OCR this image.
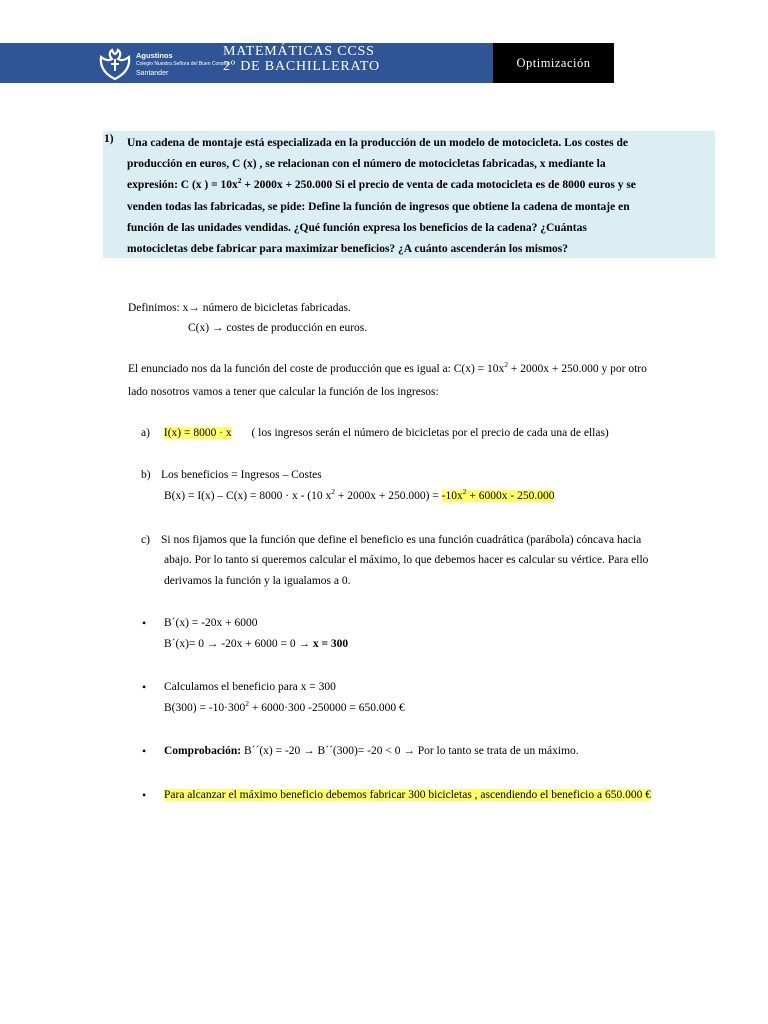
Optimización
Agustinos
Colegio Nuestra Señora del Buen Consejo
Santander
MATEMÁTICAS CCSS
2º DE BACHILLERATO
1) Una cadena de montaje está especializada en la producción de un modelo de motocicleta. Los costes de
producción en euros, C (x) , se relacionan con el número de motocicletas fabricadas, x mediante la
expresión: C (x ) = $10x^2 + 2000x + 250.000$ Si el precio de venta de cada motocicleta es de 8000 euros y se
venden todas las fabricadas, se pide: Define la función de ingresos que obtiene la cadena de montaje en
función de las unidades vendidas. ¿Qué función expresa los beneficios de la cadena? ¿Cuántas
motocicletas debe fabricar para maximizar beneficios? ¿A cuánto ascenderán los mismos?
Definimos: x→ número de bicicletas fabricadas.
C(x) → costes de producción en euros.
El enunciado nos da la función del coste de producción que es igual a: $C(x) = 10x^2 + 2000x + 250.000$ y por otro
lado nosotros vamos a tener que calcular la función de los ingresos:
a) I(x) = 8000 · x ( los ingresos serán el número de bicicletas por el precio de cada una de ellas)
b) Los beneficios = Ingresos – Costes
B(x) = I(x) – C(x) = 8000 · x - (10 $x^2 + 2000x + 250.000) = -10x^2 + 6000x - 250.000$
c) Si nos fijamos que la función que define el beneficio es una función cuadrática (parábola) cóncava hacia
abajo. Por lo tanto si queremos calcular el máximo, lo que debemos hacer es calcular su vértice. Para ello
derivamos la función y la igualamos a 0.
• B´(x) = -20x + 6000
B´(x)= 0 → -20x + 6000 = 0 → x = 300
• Calculamos el beneficio para x = 300
$B(300) = -10\cdot 300^2 + 6000\cdot 300$ -250000 = 650.000 €
• Comprobación: B´´(x) = -20 → B´´(300)= -20 < 0 → Por lo tanto se trata de un máximo.
• Para alcanzar el máximo beneficio debemos fabricar 300 bicicletas , ascendiendo el beneficio a 650.000 €
